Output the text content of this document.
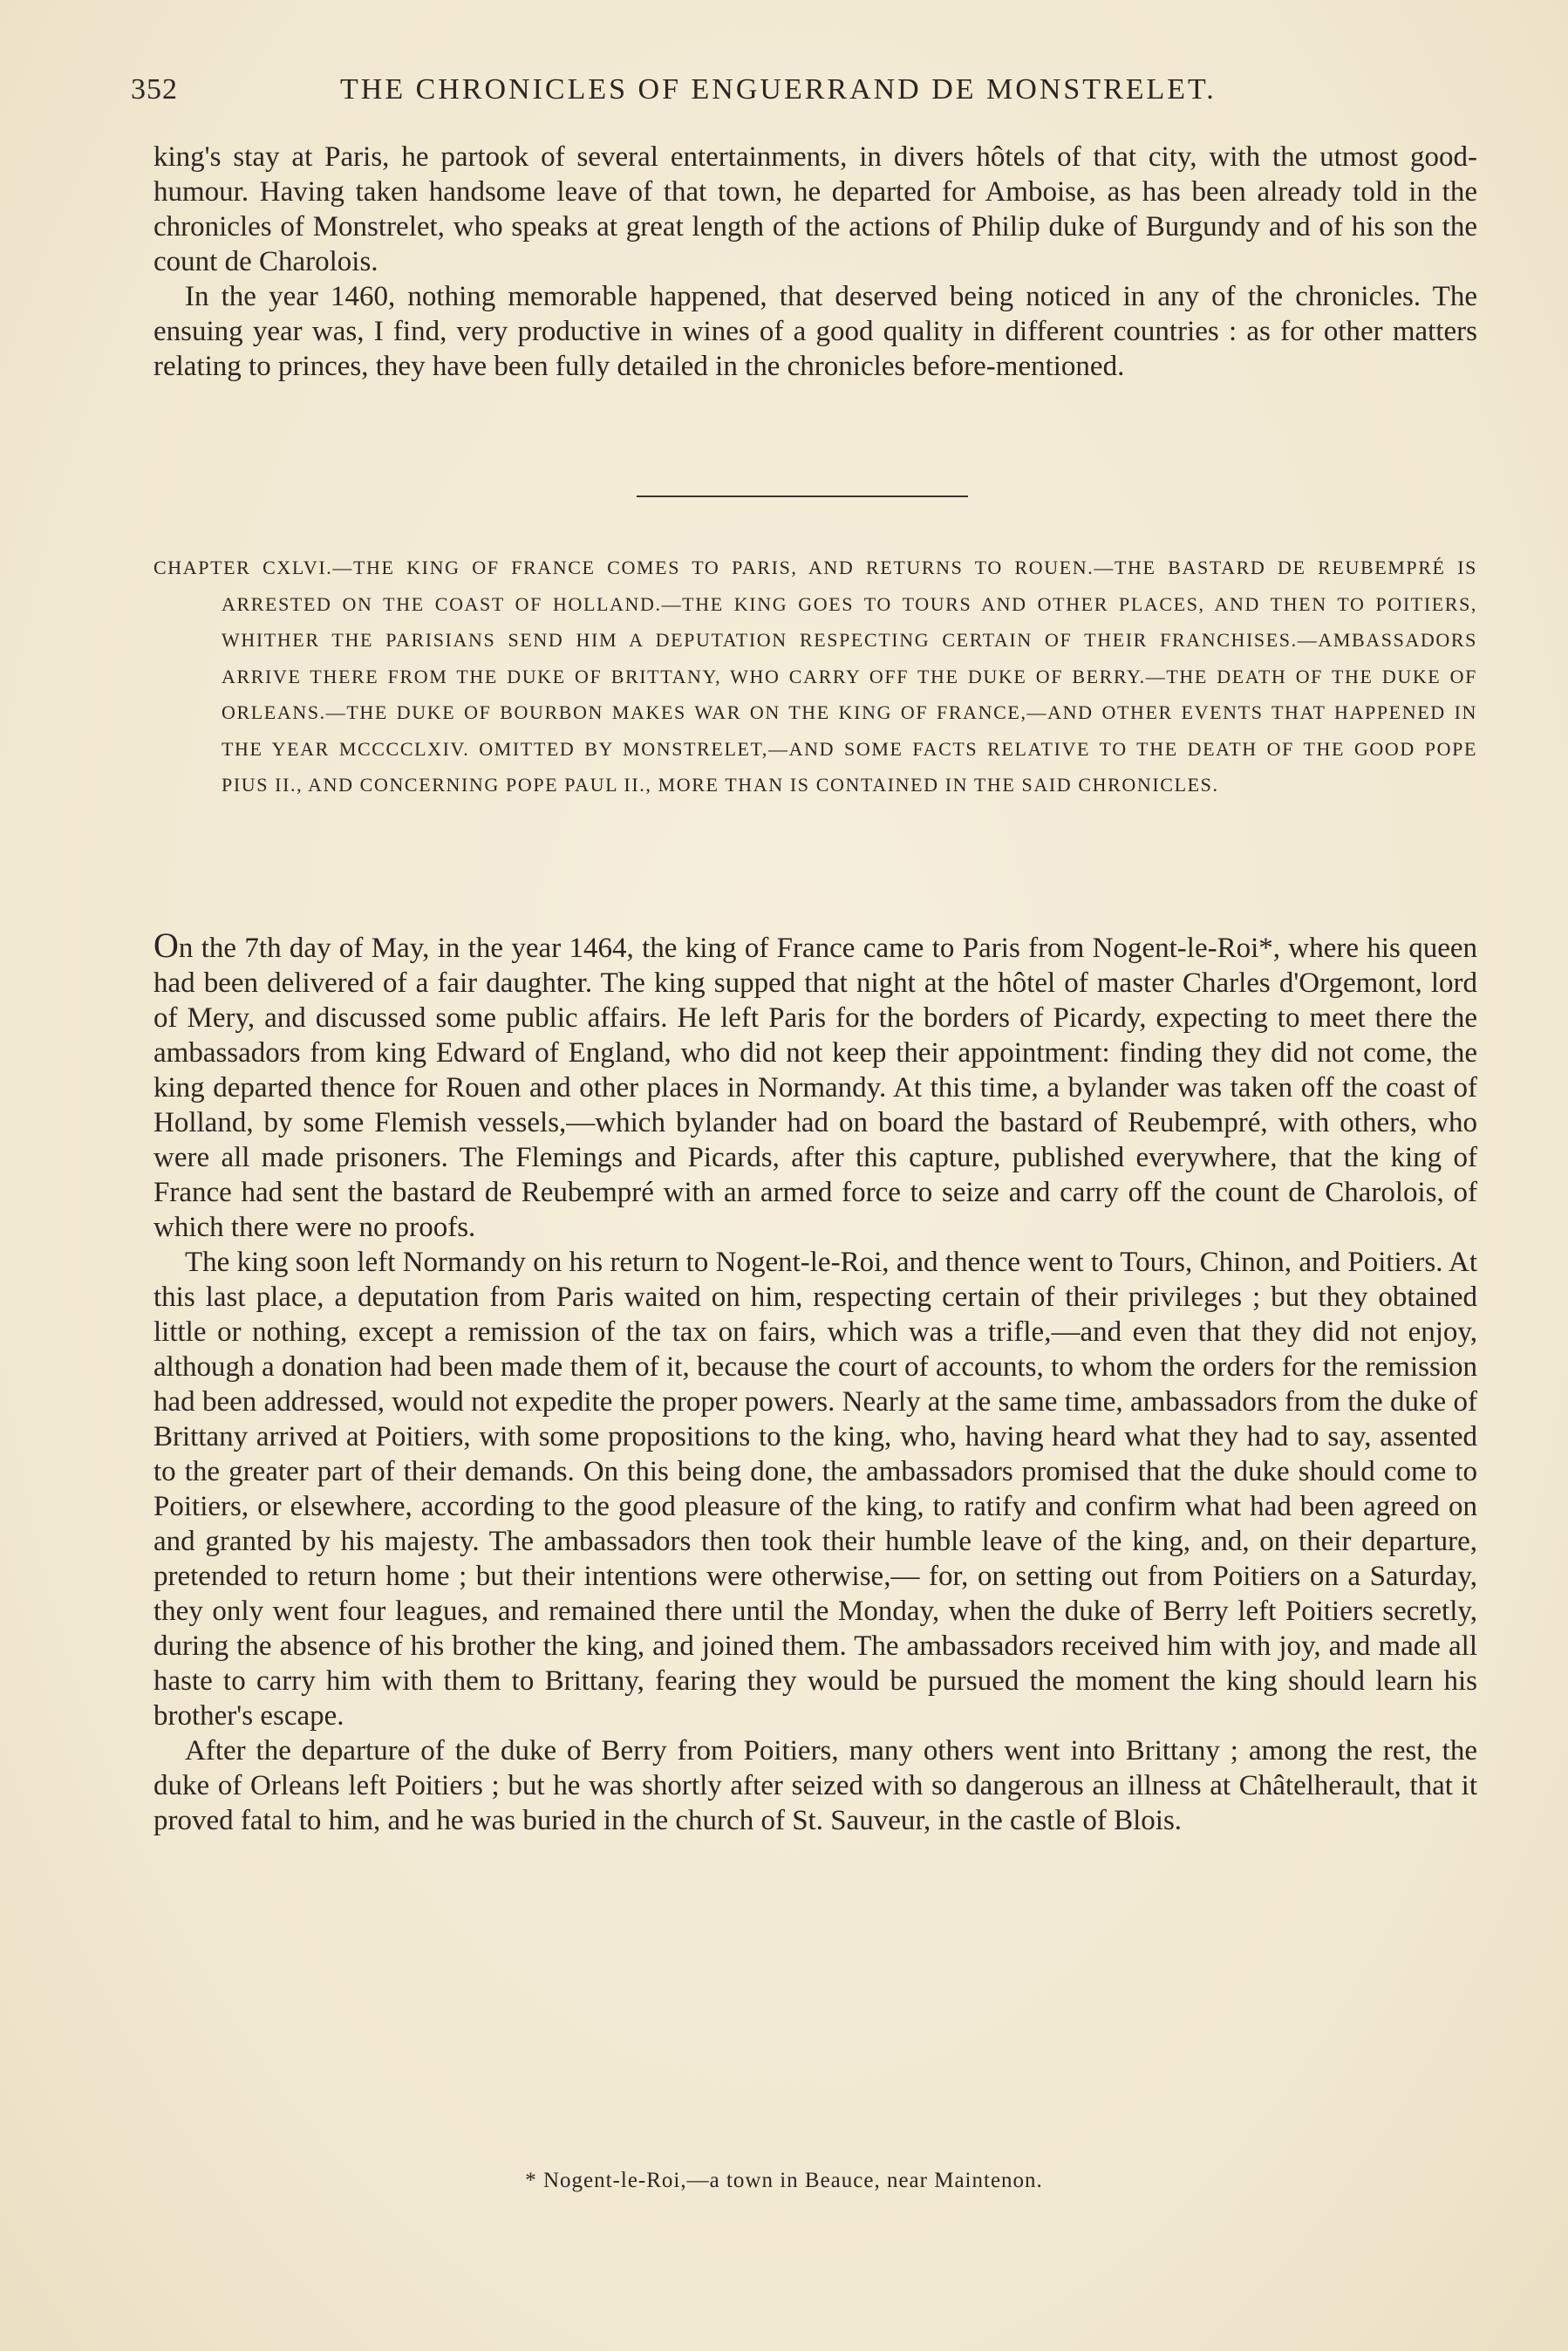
352	THE CHRONICLES OF ENGUERRAND DE MONSTRELET.

king's stay at Paris, he partook of several entertainments, in divers hôtels of that city, with the utmost good-humour. Having taken handsome leave of that town, he departed for Amboise, as has been already told in the chronicles of Monstrelet, who speaks at great length of the actions of Philip duke of Burgundy and of his son the count de Charolois.

In the year 1460, nothing memorable happened, that deserved being noticed in any of the chronicles. The ensuing year was, I find, very productive in wines of a good quality in different countries : as for other matters relating to princes, they have been fully detailed in the chronicles before-mentioned.

CHAPTER CXLVI.—THE KING OF FRANCE COMES TO PARIS, AND RETURNS TO ROUEN.—THE BASTARD DE REUBEMPRÉ IS ARRESTED ON THE COAST OF HOLLAND.—THE KING GOES TO TOURS AND OTHER PLACES, AND THEN TO POITIERS, WHITHER THE PARISIANS SEND HIM A DEPUTATION RESPECTING CERTAIN OF THEIR FRANCHISES.—AMBASSADORS ARRIVE THERE FROM THE DUKE OF BRITTANY, WHO CARRY OFF THE DUKE OF BERRY.—THE DEATH OF THE DUKE OF ORLEANS.—THE DUKE OF BOURBON MAKES WAR ON THE KING OF FRANCE,—AND OTHER EVENTS THAT HAPPENED IN THE YEAR MCCCCLXIV. OMITTED BY MONSTRELET,—AND SOME FACTS RELATIVE TO THE DEATH OF THE GOOD POPE PIUS II., AND CONCERNING POPE PAUL II., MORE THAN IS CONTAINED IN THE SAID CHRONICLES.

On the 7th day of May, in the year 1464, the king of France came to Paris from Nogent-le-Roi*, where his queen had been delivered of a fair daughter. The king supped that night at the hôtel of master Charles d'Orgemont, lord of Mery, and discussed some public affairs. He left Paris for the borders of Picardy, expecting to meet there the ambassadors from king Edward of England, who did not keep their appointment: finding they did not come, the king departed thence for Rouen and other places in Normandy. At this time, a bylander was taken off the coast of Holland, by some Flemish vessels,—which bylander had on board the bastard of Reubempré, with others, who were all made prisoners. The Flemings and Picards, after this capture, published everywhere, that the king of France had sent the bastard de Reubempré with an armed force to seize and carry off the count de Charolois, of which there were no proofs.

The king soon left Normandy on his return to Nogent-le-Roi, and thence went to Tours, Chinon, and Poitiers. At this last place, a deputation from Paris waited on him, respecting certain of their privileges ; but they obtained little or nothing, except a remission of the tax on fairs, which was a trifle,—and even that they did not enjoy, although a donation had been made them of it, because the court of accounts, to whom the orders for the remission had been addressed, would not expedite the proper powers. Nearly at the same time, ambassadors from the duke of Brittany arrived at Poitiers, with some propositions to the king, who, having heard what they had to say, assented to the greater part of their demands. On this being done, the ambassadors promised that the duke should come to Poitiers, or elsewhere, according to the good pleasure of the king, to ratify and confirm what had been agreed on and granted by his majesty. The ambassadors then took their humble leave of the king, and, on their departure, pretended to return home ; but their intentions were otherwise,— for, on setting out from Poitiers on a Saturday, they only went four leagues, and remained there until the Monday, when the duke of Berry left Poitiers secretly, during the absence of his brother the king, and joined them. The ambassadors received him with joy, and made all haste to carry him with them to Brittany, fearing they would be pursued the moment the king should learn his brother's escape.

After the departure of the duke of Berry from Poitiers, many others went into Brittany ; among the rest, the duke of Orleans left Poitiers ; but he was shortly after seized with so dangerous an illness at Châtelherault, that it proved fatal to him, and he was buried in the church of St. Sauveur, in the castle of Blois.

* Nogent-le-Roi,—a town in Beauce, near Maintenon.
